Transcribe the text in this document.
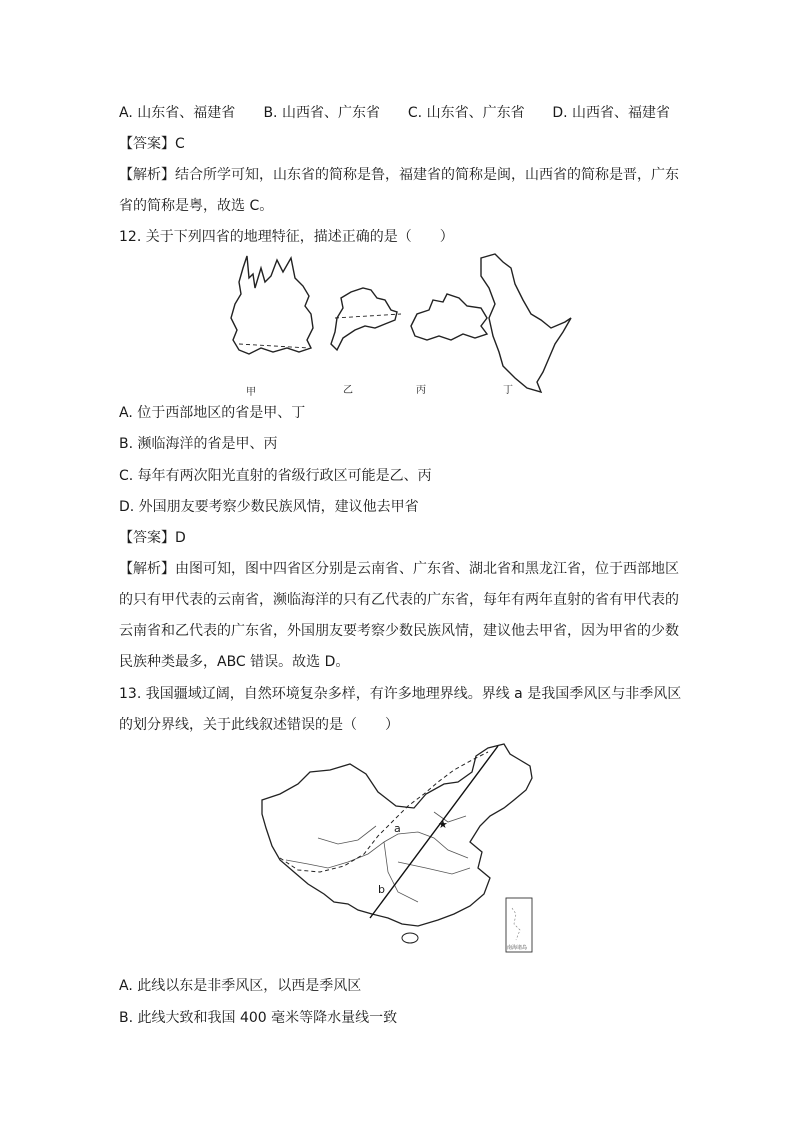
A. 山东省、福建省 B. 山西省、广东省 C. 山东省、广东省 D. 山西省、福建省
【答案】C
【解析】结合所学可知，山东省的简称是鲁，福建省的简称是闽，山西省的简称是晋，广东
省的简称是粤，故选 C。
12. 关于下列四省的地理特征，描述正确的是（　　）
甲	乙	丙	丁
A. 位于西部地区的省是甲、丁
B. 濒临海洋的省是甲、丙
C. 每年有两次阳光直射的省级行政区可能是乙、丙
D. 外国朋友要考察少数民族风情，建议他去甲省
【答案】D
【解析】由图可知，图中四省区分别是云南省、广东省、湖北省和黑龙江省，位于西部地区
的只有甲代表的云南省，濒临海洋的只有乙代表的广东省，每年有两年直射的省有甲代表的
云南省和乙代表的广东省，外国朋友要考察少数民族风情，建议他去甲省，因为甲省的少数
民族种类最多，ABC 错误。故选 D。
13. 我国疆域辽阔，自然环境复杂多样，有许多地理界线。界线 a 是我国季风区与非季风区
的划分界线，关于此线叙述错误的是（　　）
★
a
b
南海诸岛
A. 此线以东是非季风区，以西是季风区
B. 此线大致和我国 400 毫米等降水量线一致
